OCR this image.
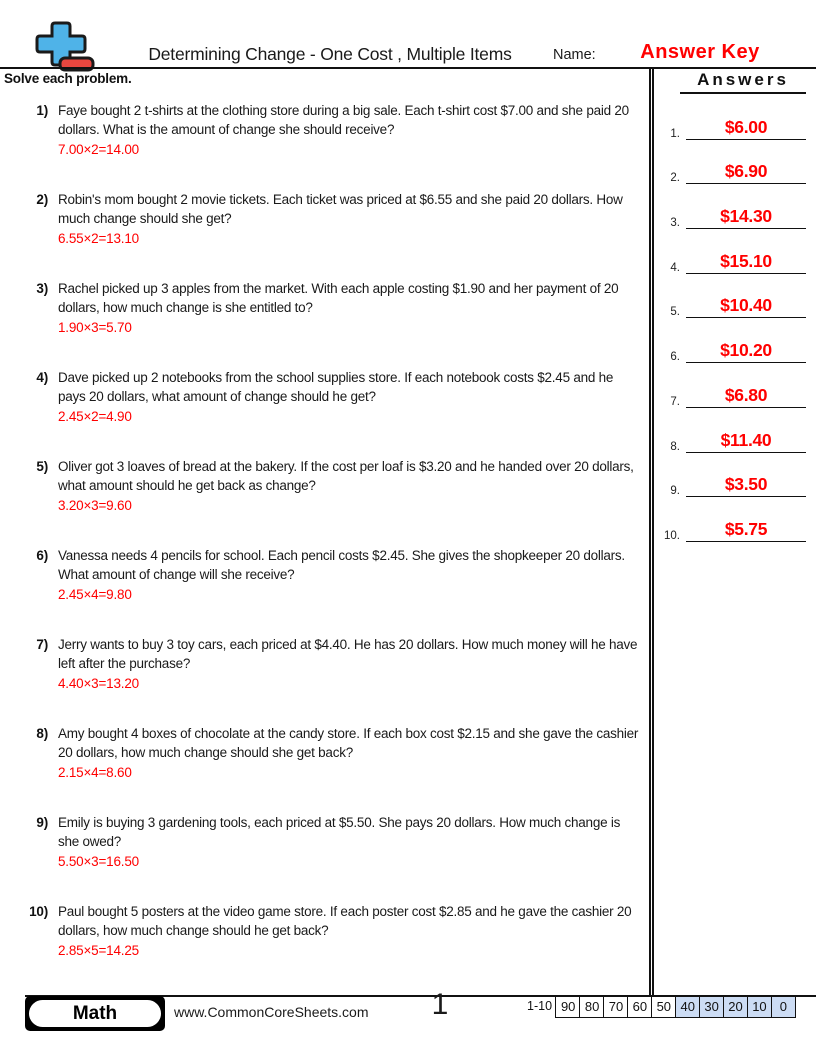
Determining Change - One Cost , Multiple Items	Name:	Answer Key
Solve each problem.
1) Faye bought 2 t-shirts at the clothing store during a big sale. Each t-shirt cost $7.00 and she paid 20 dollars. What is the amount of change she should receive?
7.00×2=14.00
2) Robin's mom bought 2 movie tickets. Each ticket was priced at $6.55 and she paid 20 dollars. How much change should she get?
6.55×2=13.10
3) Rachel picked up 3 apples from the market. With each apple costing $1.90 and her payment of 20 dollars, how much change is she entitled to?
1.90×3=5.70
4) Dave picked up 2 notebooks from the school supplies store. If each notebook costs $2.45 and he pays 20 dollars, what amount of change should he get?
2.45×2=4.90
5) Oliver got 3 loaves of bread at the bakery. If the cost per loaf is $3.20 and he handed over 20 dollars, what amount should he get back as change?
3.20×3=9.60
6) Vanessa needs 4 pencils for school. Each pencil costs $2.45. She gives the shopkeeper 20 dollars. What amount of change will she receive?
2.45×4=9.80
7) Jerry wants to buy 3 toy cars, each priced at $4.40. He has 20 dollars. How much money will he have left after the purchase?
4.40×3=13.20
8) Amy bought 4 boxes of chocolate at the candy store. If each box cost $2.15 and she gave the cashier 20 dollars, how much change should she get back?
2.15×4=8.60
9) Emily is buying 3 gardening tools, each priced at $5.50. She pays 20 dollars. How much change is she owed?
5.50×3=16.50
10) Paul bought 5 posters at the video game store. If each poster cost $2.85 and he gave the cashier 20 dollars, how much change should he get back?
2.85×5=14.25
Answers
1.	$6.00
2.	$6.90
3.	$14.30
4.	$15.10
5.	$10.40
6.	$10.20
7.	$6.80
8.	$11.40
9.	$3.50
10.	$5.75
Math	www.CommonCoreSheets.com	1	1-10 90 80 70 60 50 40 30 20 10	0
